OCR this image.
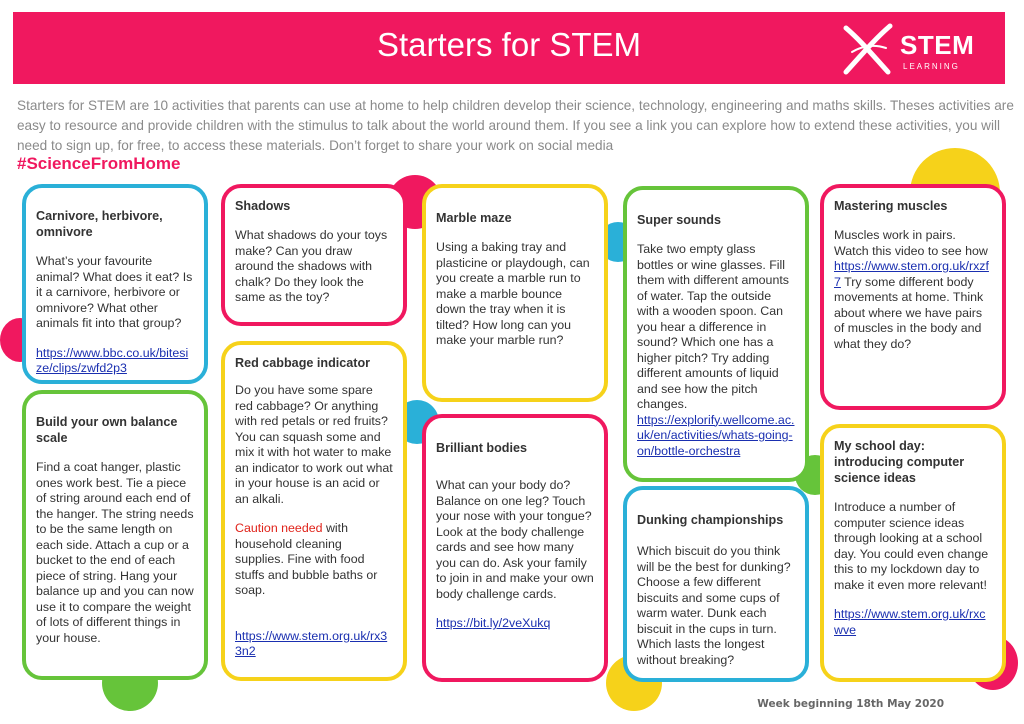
Starters for STEM	STEM
LEARNING
Starters for STEM are 10 activities that parents can use at home to help children develop their science, technology, engineering and maths skills. Theses activities are easy to resource and provide children with the stimulus to talk about the world around them. If you see a link you can explore how to extend these activities, you will need to sign up, for free, to access these materials. Don’t forget to share your work on social media
#ScienceFromHome
Carnivore, herbivore, omnivore

What’s your favourite animal? What does it eat? Is it a carnivore, herbivore or omnivore? What other animals fit into that group?

https://www.bbc.co.uk/bitesize/clips/zwfd2p3
Build your own balance scale

Find a coat hanger, plastic ones work best. Tie a piece of string around each end of the hanger. The string needs to be the same length on each side. Attach a cup or a bucket to the end of each piece of string. Hang your balance up and you can now use it to compare the weight of lots of different things in your house.

Shadows

What shadows do your toys make? Can you draw around the shadows with chalk? Do they look the same as the toy?

Red cabbage indicator

Do you have some spare red cabbage? Or anything with red petals or red fruits? You can squash some and mix it with hot water to make an indicator to work out what in your house is an acid or an alkali.

Caution needed with household cleaning supplies. Fine with food stuffs and bubble baths or soap.

https://www.stem.org.uk/rx33n2
Marble maze

Using a baking tray and plasticine or playdough, can you create a marble run to make a marble bounce down the tray when it is tilted? How long can you make your marble run?

Brilliant bodies

What can your body do? Balance on one leg? Touch your nose with your tongue? Look at the body challenge cards and see how many you can do. Ask your family to join in and make your own body challenge cards.

https://bit.ly/2veXukq
Super sounds

Take two empty glass bottles or wine glasses. Fill them with different amounts of water. Tap the outside with a wooden spoon. Can you hear a difference in sound? Which one has a higher pitch? Try adding different amounts of liquid and see how the pitch changes.

https://explorify.wellcome.ac.uk/en/activities/whats-going-on/bottle-orchestra
Dunking championships

Which biscuit do you think will be the best for dunking? Choose a few different biscuits and some cups of warm water. Dunk each biscuit in the cups in turn. Which lasts the longest without breaking?

Mastering muscles

Muscles work in pairs. Watch this video to see how https://www.stem.org.uk/rxzf7 Try some different body movements at home. Think about where we have pairs of muscles in the body and what they do?

My school day: introducing computer science ideas

Introduce a number of computer science ideas through looking at a school day. You could even change this to my lockdown day to make it even more relevant!

https://www.stem.org.uk/rxcwve
Week beginning 18th May 2020
